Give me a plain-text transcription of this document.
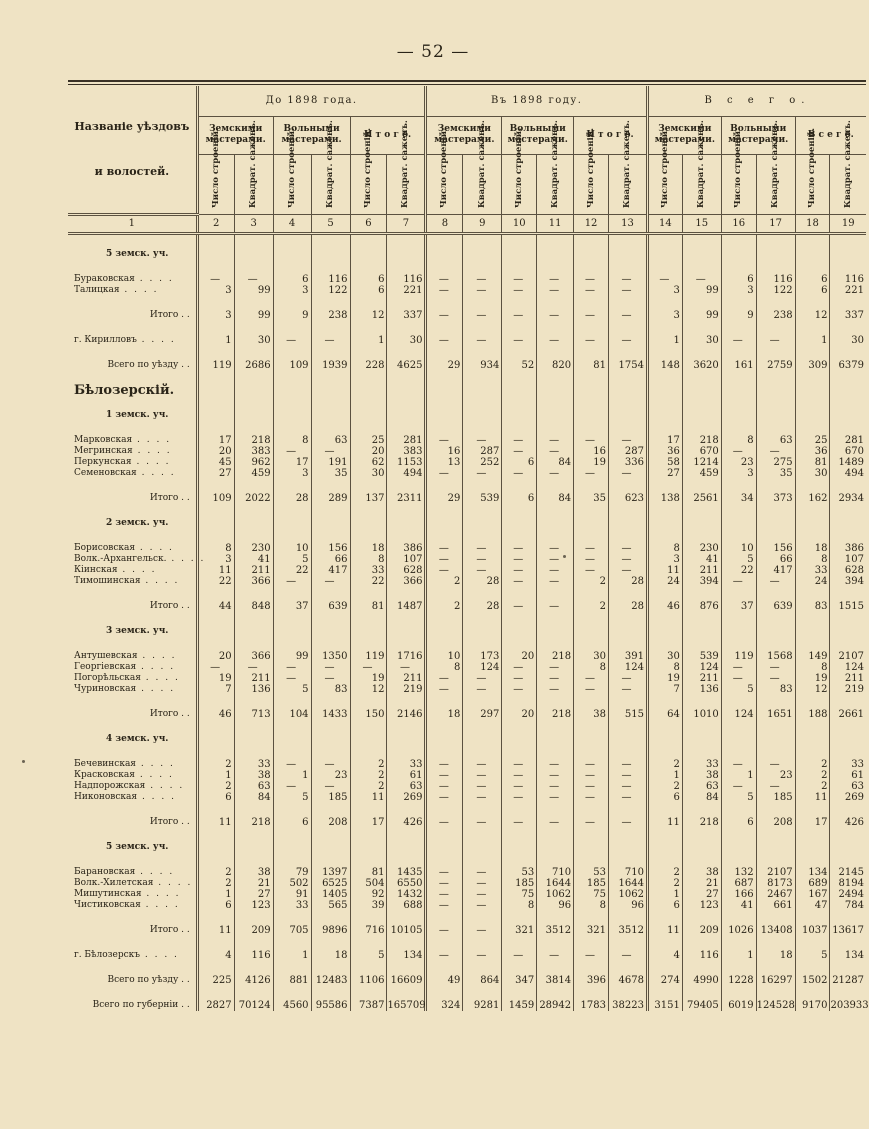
— 52 —
Названіе уѣздовъ
и волостей.	До 1898 года.						Въ 1898 году.						В с е г о.					
	Земскими мастерами.		Вольными мастерами.		И т о г о.		Земскими мастерами.		Вольными мастерами.		И т о г о.		Земскими мастерами.		Вольными мастерами.		В с е г о.	
	Число строеній.	Квадрат. саженъ.	Число строеній.	Квадрат. саженъ.	Число строеній.	Квадрат. саженъ.	Число строеній.	Квадрат. саженъ.	Число строеній.	Квадрат. саженъ.	Число строеній.	Квадрат. саженъ.	Число строеній.	Квадрат. саженъ.	Число строеній.	Квадрат. саженъ.	Число строеній.	Квадрат. саженъ.
1	2	3	4	5	6	7	8	9	10	11	12	13	14	15	16	17	18	19

5 земск. уч.																		

Бураковская . . . .	—	—	6	116	6	116	—	—	—	—	—	—	—	—	6	116	6	116
Талицкая . . . .	3	99	3	122	6	221	—	—	—	—	—	—	3	99	3	122	6	221

Итого . .	3	99	9	238	12	337	—	—	—	—	—	—	3	99	9	238	12	337

г. Кирилловъ . . . .	1	30	—	—	1	30	—	—	—	—	—	—	1	30	—	—	1	30

Всего по уѣзду . .	119	2686	109	1939	228	4625	29	934	52	820	81	1754	148	3620	161	2759	309	6379

Бѣлозерскій.																		

1 земск. уч.																		

Марковская . . . .	17	218	8	63	25	281	—	—	—	—	—	—	17	218	8	63	25	281
Мегринская . . . .	20	383	—	—	20	383	16	287	—	—	16	287	36	670	—	—	36	670
Перкунская . . . .	45	962	17	191	62	1153	13	252	6	84	19	336	58	1214	23	275	81	1489
Семеновская . . . .	27	459	3	35	30	494	—	—	—	—	—	—	27	459	3	35	30	494

Итого . .	109	2022	28	289	137	2311	29	539	6	84	35	623	138	2561	34	373	162	2934

2 земск. уч.																		

Борисовская . . . .	8	230	10	156	18	386	—	—	—	—	—	—	8	230	10	156	18	386
Волк.-Архангельск. . . . .	3	41	5	66	8	107	—	—	—	—	—	—	3	41	5	66	8	107
Кіинская . . . .	11	211	22	417	33	628	—	—	—	—	—	—	11	211	22	417	33	628
Тимошинская . . . .	22	366	—	—	22	366	2	28	—	—	2	28	24	394	—	—	24	394

Итого . .	44	848	37	639	81	1487	2	28	—	—	2	28	46	876	37	639	83	1515

3 земск. уч.																		

Антушевская . . . .	20	366	99	1350	119	1716	10	173	20	218	30	391	30	539	119	1568	149	2107
Георгіевская . . . .	—	—	—	—	—	—	8	124	—	—	8	124	8	124	—	—	8	124
Погорѣльская . . . .	19	211	—	—	19	211	—	—	—	—	—	—	19	211	—	—	19	211
Чуриновская . . . .	7	136	5	83	12	219	—	—	—	—	—	—	7	136	5	83	12	219

Итого . .	46	713	104	1433	150	2146	18	297	20	218	38	515	64	1010	124	1651	188	2661

4 земск. уч.																		

Бечевинская . . . .	2	33	—	—	2	33	—	—	—	—	—	—	2	33	—	—	2	33
Красковская . . . .	1	38	1	23	2	61	—	—	—	—	—	—	1	38	1	23	2	61
Надпорожская . . . .	2	63	—	—	2	63	—	—	—	—	—	—	2	63	—	—	2	63
Никоновская . . . .	6	84	5	185	11	269	—	—	—	—	—	—	6	84	5	185	11	269

Итого . .	11	218	6	208	17	426	—	—	—	—	—	—	11	218	6	208	17	426

5 земск. уч.																		

Барановская . . . .	2	38	79	1397	81	1435	—	—	53	710	53	710	2	38	132	2107	134	2145
Волк.-Хилетская . . . .	2	21	502	6525	504	6550	—	—	185	1644	185	1644	2	21	687	8173	689	8194
Мишутинская . . . .	1	27	91	1405	92	1432	—	—	75	1062	75	1062	1	27	166	2467	167	2494
Чистиковская . . . .	6	123	33	565	39	688	—	—	8	96	8	96	6	123	41	661	47	784

Итого . .	11	209	705	9896	716	10105	—	—	321	3512	321	3512	11	209	1026	13408	1037	13617

г. Бѣлозерскъ . . . .	4	116	1	18	5	134	—	—	—	—	—	—	4	116	1	18	5	134

Всего по уѣзду . .	225	4126	881	12483	1106	16609	49	864	347	3814	396	4678	274	4990	1228	16297	1502	21287

Всего по губерніи . .	2827	70124	4560	95586	7387	165709	324	9281	1459	28942	1783	38223	3151	79405	6019	124528	9170	203933
